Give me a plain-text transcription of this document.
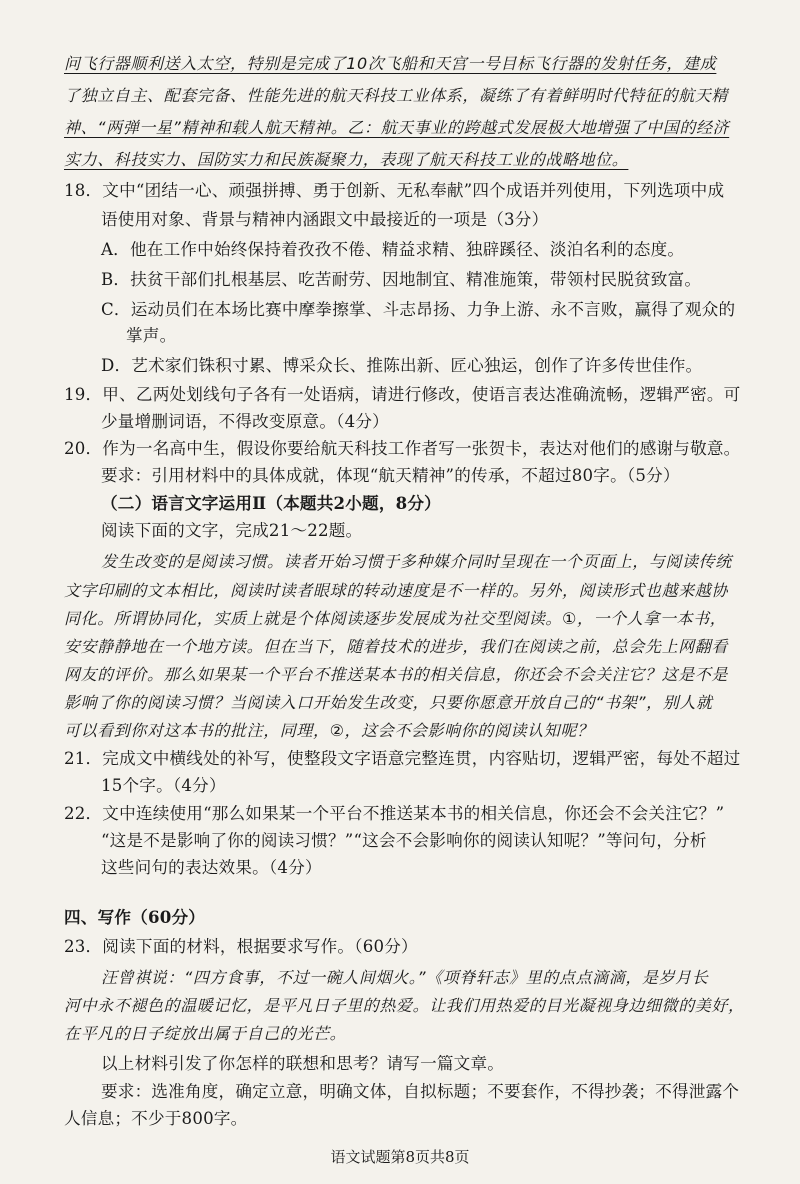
问飞行器顺利送入太空，特别是完成了10次飞船和天宫一号目标飞行器的发射任务，建成
了独立自主、配套完备、性能先进的航天科技工业体系，凝练了有着鲜明时代特征的航天精
神、“两弹一星”精神和载人航天精神。乙：航天事业的跨越式发展极大地增强了中国的经济
实力、科技实力、国防实力和民族凝聚力，表现了航天科技工业的战略地位。
18．文中“团结一心、顽强拼搏、勇于创新、无私奉献”四个成语并列使用，下列选项中成
语使用对象、背景与精神内涵跟文中最接近的一项是（3分）
A．他在工作中始终保持着孜孜不倦、精益求精、独辟蹊径、淡泊名利的态度。
B．扶贫干部们扎根基层、吃苦耐劳、因地制宜、精准施策，带领村民脱贫致富。
C．运动员们在本场比赛中摩拳擦掌、斗志昂扬、力争上游、永不言败，赢得了观众的
掌声。
D．艺术家们铢积寸累、博采众长、推陈出新、匠心独运，创作了许多传世佳作。
19．甲、乙两处划线句子各有一处语病，请进行修改，使语言表达准确流畅，逻辑严密。可
少量增删词语，不得改变原意。（4分）
20．作为一名高中生，假设你要给航天科技工作者写一张贺卡，表达对他们的感谢与敬意。
要求：引用材料中的具体成就，体现“航天精神”的传承，不超过80字。（5分）
（二）语言文字运用Ⅱ（本题共2小题，8分）
阅读下面的文字，完成21～22题。
发生改变的是阅读习惯。读者开始习惯于多种媒介同时呈现在一个页面上，与阅读传统
文字印刷的文本相比，阅读时读者眼球的转动速度是不一样的。另外，阅读形式也越来越协
同化。所谓协同化，实质上就是个体阅读逐步发展成为社交型阅读。①，一个人拿一本书，
安安静静地在一个地方读。但在当下，随着技术的进步，我们在阅读之前，总会先上网翻看
网友的评价。那么如果某一个平台不推送某本书的相关信息，你还会不会关注它？这是不是
影响了你的阅读习惯？当阅读入口开始发生改变，只要你愿意开放自己的“书架”，别人就
可以看到你对这本书的批注，同理，②，这会不会影响你的阅读认知呢？
21．完成文中横线处的补写，使整段文字语意完整连贯，内容贴切，逻辑严密，每处不超过
15个字。（4分）
22．文中连续使用“那么如果某一个平台不推送某本书的相关信息，你还会不会关注它？”
“这是不是影响了你的阅读习惯？”“这会不会影响你的阅读认知呢？”等问句，分析
这些问句的表达效果。（4分）
四、写作（60分）
23．阅读下面的材料，根据要求写作。（60分）
汪曾祺说：“四方食事，不过一碗人间烟火。”《项脊轩志》里的点点滴滴，是岁月长
河中永不褪色的温暖记忆，是平凡日子里的热爱。让我们用热爱的目光凝视身边细微的美好，
在平凡的日子绽放出属于自己的光芒。
以上材料引发了你怎样的联想和思考？请写一篇文章。
要求：选准角度，确定立意，明确文体，自拟标题；不要套作，不得抄袭；不得泄露个
人信息；不少于800字。
语文试题第8页共8页
